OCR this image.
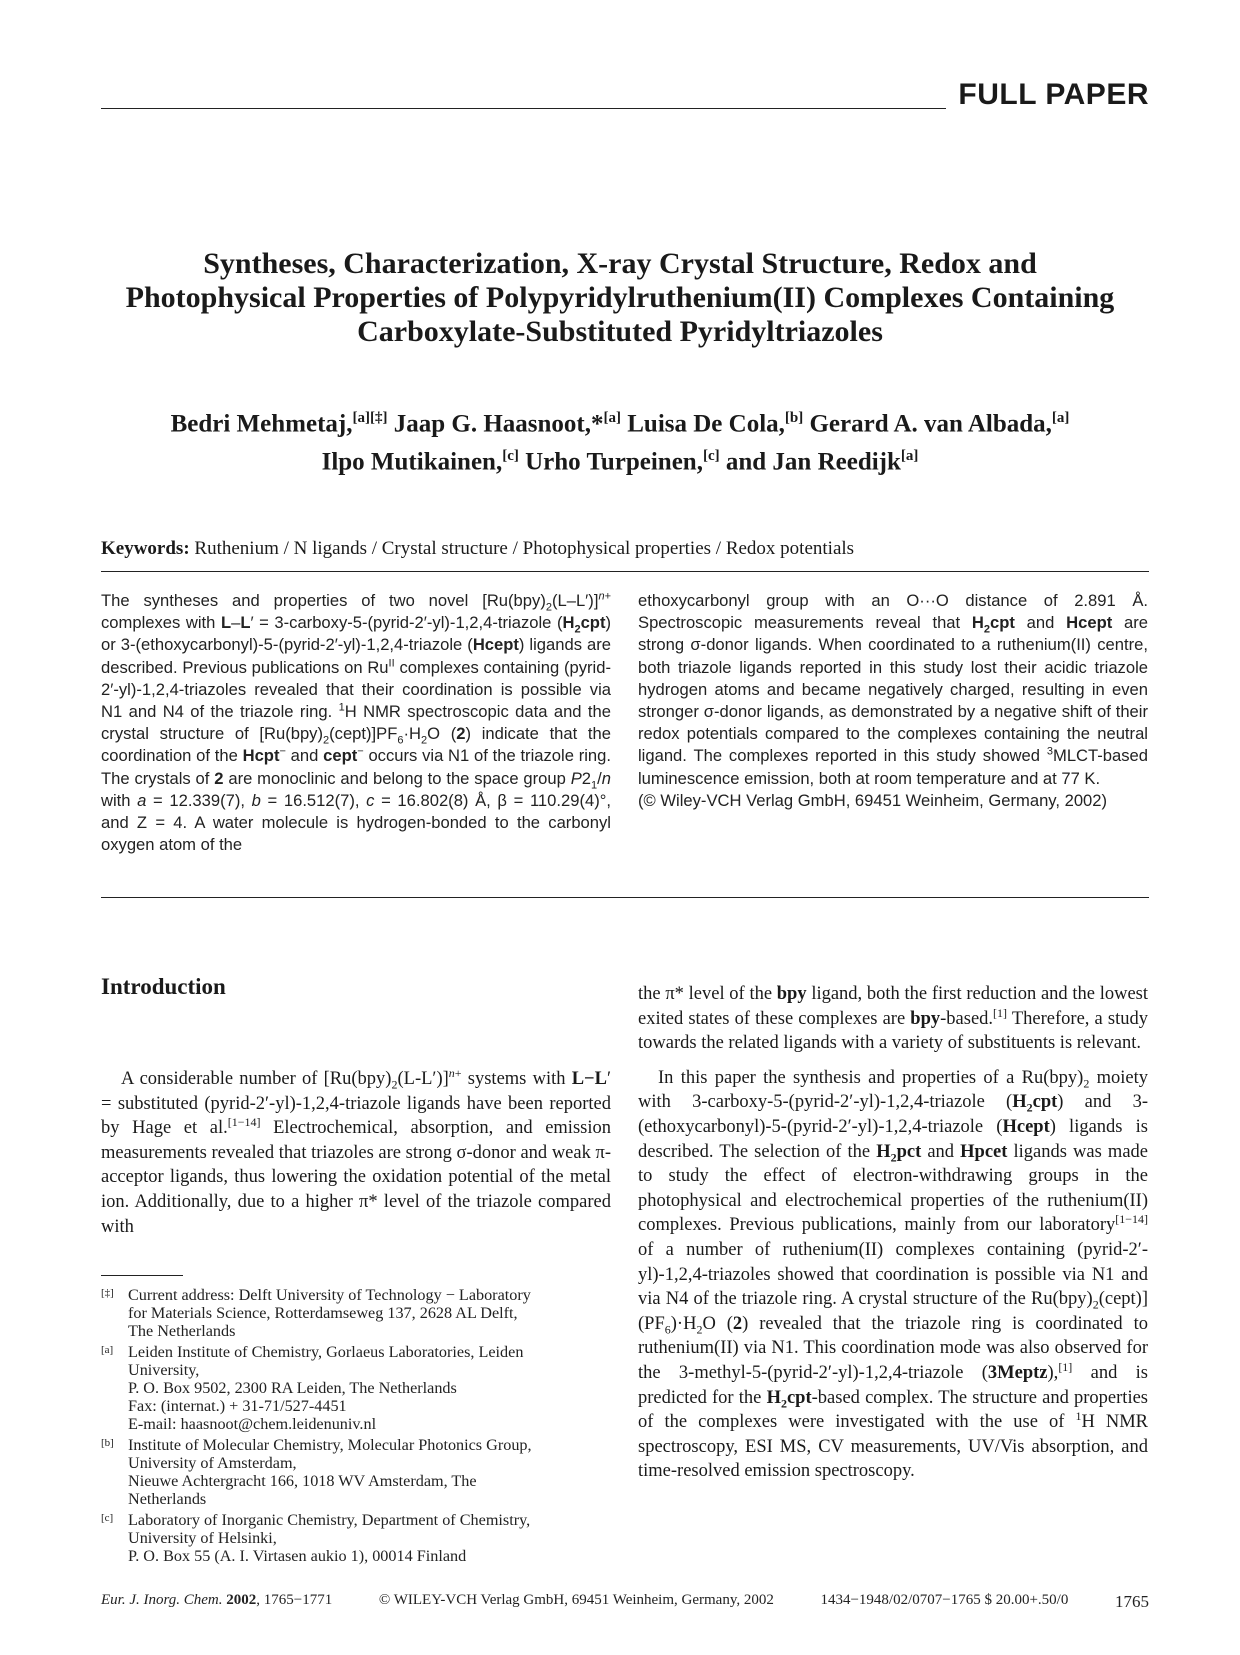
FULL PAPER
Syntheses, Characterization, X-ray Crystal Structure, Redox and
Photophysical Properties of Polypyridylruthenium(II) Complexes Containing
Carboxylate-Substituted Pyridyltriazoles
Bedri Mehmetaj,[a][‡] Jaap G. Haasnoot,*[a] Luisa De Cola,[b] Gerard A. van Albada,[a]
Ilpo Mutikainen,[c] Urho Turpeinen,[c] and Jan Reedijk[a]
Keywords: Ruthenium / N ligands / Crystal structure / Photophysical properties / Redox potentials

The syntheses and properties of two novel $[Ru(bpy)_2(L-L')]^{n+}$ complexes with L–L′ = 3-carboxy-5-(pyrid-2′-yl)-1,2,4-triazole $(H_2cpt)$ or 3-(ethoxycarbonyl)-5-(pyrid-2′-yl)-1,2,4-triazole (Hcept) ligands are described. Previous publications on $Ru^{II}$ complexes containing (pyrid-2′-yl)-1,2,4-triazoles revealed that their coordination is possible via N1 and N4 of the triazole ring. $^1$H NMR spectroscopic data and the crystal structure of $[Ru(bpy)_2(cept)]PF_6\cdot H_2O$ (2) indicate that the coordination of the Hcpt− and cept− occurs via N1 of the triazole ring. The crystals of 2 are monoclinic and belong to the space group $P2_1/n$ with a = 12.339(7), b = 16.512(7), c = 16.802(8) Å, β = 110.29(4)°, and Z = 4. A water molecule is hydrogen-bonded to the carbonyl oxygen atom of the

ethoxycarbonyl group with an O···O distance of 2.891 Å. Spectroscopic measurements reveal that $H_2cpt$ and Hcept are strong σ-donor ligands. When coordinated to a ruthenium(II) centre, both triazole ligands reported in this study lost their acidic triazole hydrogen atoms and became negatively charged, resulting in even stronger σ-donor ligands, as demonstrated by a negative shift of their redox potentials compared to the complexes containing the neutral ligand. The complexes reported in this study showed $^3$MLCT-based luminescence emission, both at room temperature and at 77 K.

(© Wiley-VCH Verlag GmbH, 69451 Weinheim, Germany, 2002)

Introduction

A considerable number of $[Ru(bpy)_2(L-L')]^{n+}$ systems with L−L′ = substituted (pyrid-2′-yl)-1,2,4-triazole ligands have been reported by Hage et al.[1−14] Electrochemical, absorption, and emission measurements revealed that triazoles are strong σ-donor and weak π-acceptor ligands, thus lowering the oxidation potential of the metal ion. Additionally, due to a higher π* level of the triazole compared with

the π* level of the bpy ligand, both the first reduction and the lowest exited states of these complexes are bpy-based.[1] Therefore, a study towards the related ligands with a variety of substituents is relevant.

In this paper the synthesis and properties of a $Ru(bpy)_2$ moiety with 3-carboxy-5-(pyrid-2′-yl)-1,2,4-triazole $(H_2cpt)$ and 3-(ethoxycarbonyl)-5-(pyrid-2′-yl)-1,2,4-triazole (Hcept) ligands is described. The selection of the $H_2pct$ and Hpcet ligands was made to study the effect of electron-withdrawing groups in the photophysical and electrochemical properties of the ruthenium(II) complexes. Previous publications, mainly from our laboratory[1−14] of a number of ruthenium(II) complexes containing (pyrid-2′-yl)-1,2,4-triazoles showed that coordination is possible via N1 and via N4 of the triazole ring. A crystal structure of the $Ru(bpy)_2(cept)](PF_6)\cdot H_2O$ (2) revealed that the triazole ring is coordinated to ruthenium(II) via N1. This coordination mode was also observed for the 3-methyl-5-(pyrid-2′-yl)-1,2,4-triazole (3Meptz),[1] and is predicted for the $H_2cpt$-based complex. The structure and properties of the complexes were investigated with the use of $^1$H NMR spectroscopy, ESI MS, CV measurements, UV/Vis absorption, and time-resolved emission spectroscopy.

[‡] Current address: Delft University of Technology − Laboratory
for Materials Science, Rotterdamseweg 137, 2628 AL Delft,
The Netherlands
[a] Leiden Institute of Chemistry, Gorlaeus Laboratories, Leiden
University,
P. O. Box 9502, 2300 RA Leiden, The Netherlands
Fax: (internat.) + 31-71/527-4451
E-mail: haasnoot@chem.leidenuniv.nl
[b] Institute of Molecular Chemistry, Molecular Photonics Group,
University of Amsterdam,
Nieuwe Achtergracht 166, 1018 WV Amsterdam, The
Netherlands
[c] Laboratory of Inorganic Chemistry, Department of Chemistry,
University of Helsinki,
P. O. Box 55 (A. I. Virtasen aukio 1), 00014 Finland
Eur. J. Inorg. Chem. 2002, 1765−1771	© WILEY-VCH Verlag GmbH, 69451 Weinheim, Germany, 2002	1434−1948/02/0707−1765 $ 20.00+.50/0	1765
